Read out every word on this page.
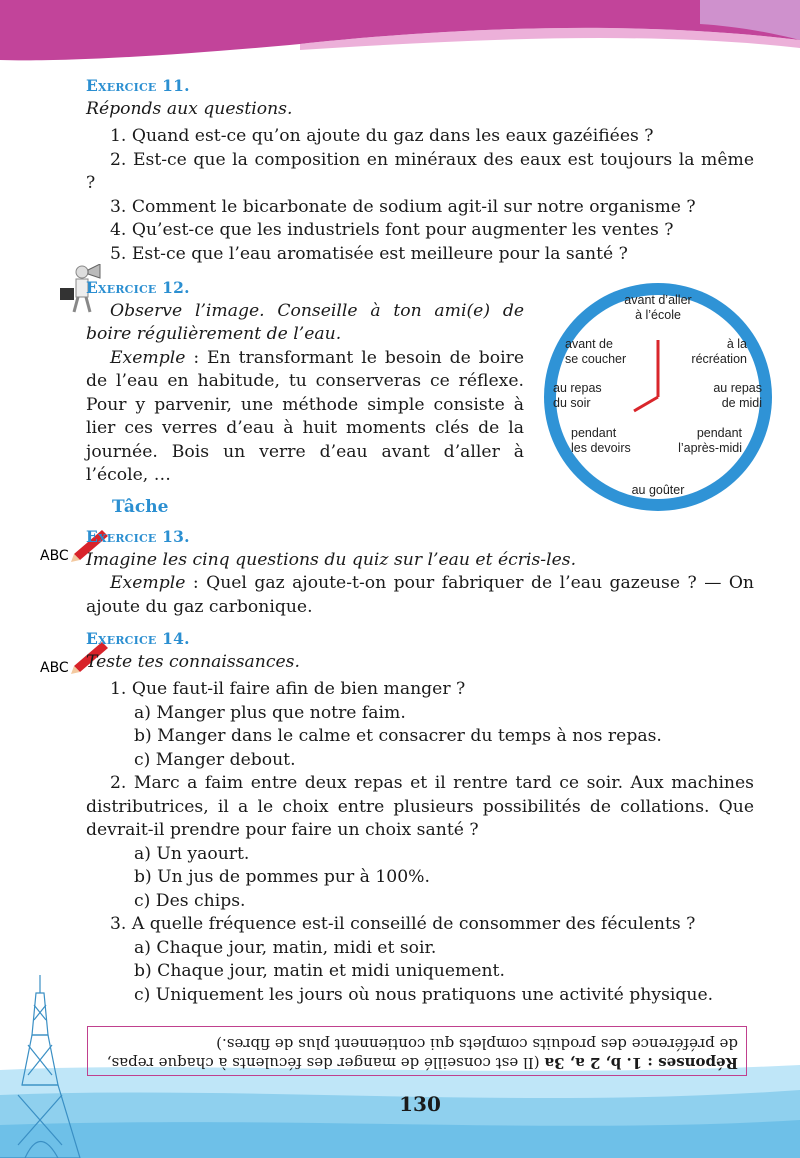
ABC
ABC
avant d’aller
à l’école
au goûter
à la
récréation
au repas
de midi
pendant
l’après-midi
avant de
se coucher
au repas
du soir
pendant
les devoirs

Exercice 11.

Réponds aux questions.

1. Quand est-ce qu’on ajoute du gaz dans les eaux gazéifiées ?

2. Est-ce que la composition en minéraux des eaux est toujours la même ?

3. Comment le bicarbonate de sodium agit-il sur notre organisme ?

4. Qu’est-ce que les industriels font pour augmenter les ventes ?

5. Est-ce que l’eau aromatisée est meilleure pour la santé ?

Exercice 12.

Observe l’image. Conseille à ton ami(e) de boire régulièrement de l’eau.

Exemple : En transformant le besoin de boire de l’eau en habitude, tu conserveras ce réflexe. Pour y parvenir, une méthode simple consiste à lier ces verres d’eau à huit moments clés de la journée. Bois un verre d’eau avant d’aller à l’école, …

Tâche

Exercice 13.

Imagine les cinq questions du quiz sur l’eau et écris-les.

Exemple : Quel gaz ajoute-t-on pour fabriquer de l’eau gazeuse ? — On ajoute du gaz carbonique.

Exercice 14.

Teste tes connaissances.

1. Que faut-il faire afin de bien manger ?

a) Manger plus que notre faim.

b) Manger dans le calme et consacrer du temps à nos repas.

c) Manger debout.

2. Marc a faim entre deux repas et il rentre tard ce soir. Aux machines distributrices, il a le choix entre plusieurs possibilités de collations. Que devrait-il prendre pour faire un choix santé ?

a) Un yaourt.

b) Un jus de pommes pur à 100%.

c) Des chips.

3. A quelle fréquence est-il conseillé de consommer des féculents ?

a) Chaque jour, matin, midi et soir.

b) Chaque jour, matin et midi uniquement.

c) Uniquement les jours où nous pratiquons une activité physique.

Réponses : 1. b, 2 a, 3a (Il est conseillé de manger des féculents à chaque repas, de préférence des produits complets qui contiennent plus de fibres.)
130
